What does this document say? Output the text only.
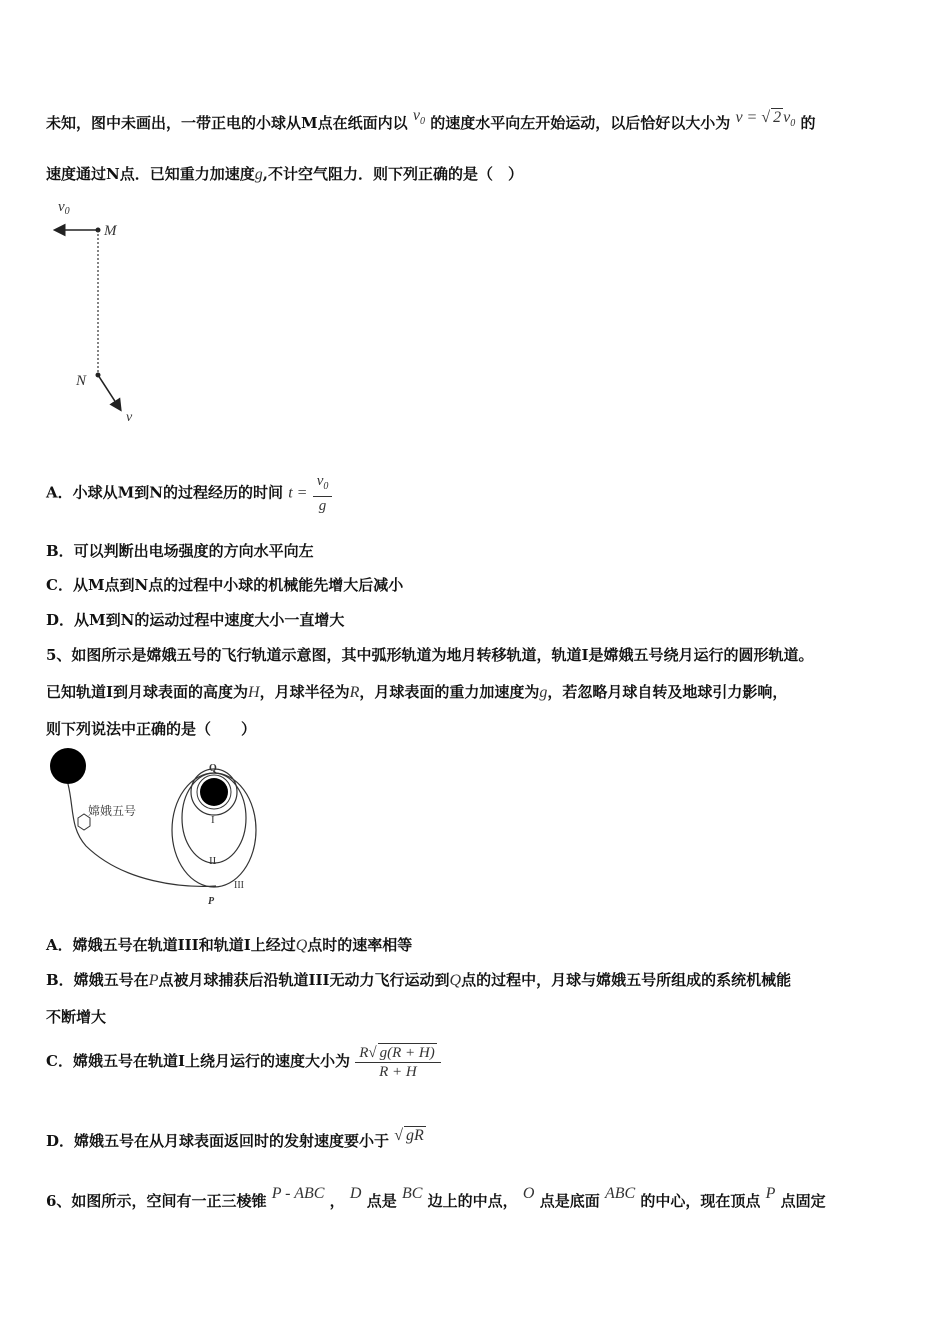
未知，图中未画出，一带正电的小球从M点在纸面内以 $v_0$ 的速度水平向左开始运动，以后恰好以大小为 v = √ 2 $v_0$ 的
速度通过N点．已知重力加速度g,不计空气阻力．则下列正确的是（　）
$v_0$
M
N
v
A．小球从M到N的过程经历的时间 $t = \frac{v_0}{g}$
B．可以判断出电场强度的方向水平向左
C．从M点到N点的过程中小球的机械能先增大后减小
D．从M到N的运动过程中速度大小一直增大
5、如图所示是嫦娥五号的飞行轨道示意图，其中弧形轨道为地月转移轨道，轨道I是嫦娥五号绕月运行的圆形轨道。
已知轨道I到月球表面的高度为H，月球半径为R，月球表面的重力加速度为g，若忽略月球自转及地球引力影响，
则下列说法中正确的是（　　）
嫦娥五号
Q
I
II
III
P
A．嫦娥五号在轨道III和轨道I上经过Q点时的速率相等
B．嫦娥五号在P点被月球捕获后沿轨道III无动力飞行运动到Q点的过程中，月球与嫦娥五号所组成的系统机械能
不断增大
C．嫦娥五号在轨道I上绕月运行的速度大小为 $\frac{R√ g(R + H)}{R + H}$
D．嫦娥五号在从月球表面返回时的发射速度要小于 √ gR
6、如图所示，空间有一正三棱锥 P - ABC ， D 点是 BC 边上的中点， O 点是底面 ABC 的中心，现在顶点 P 点固定
